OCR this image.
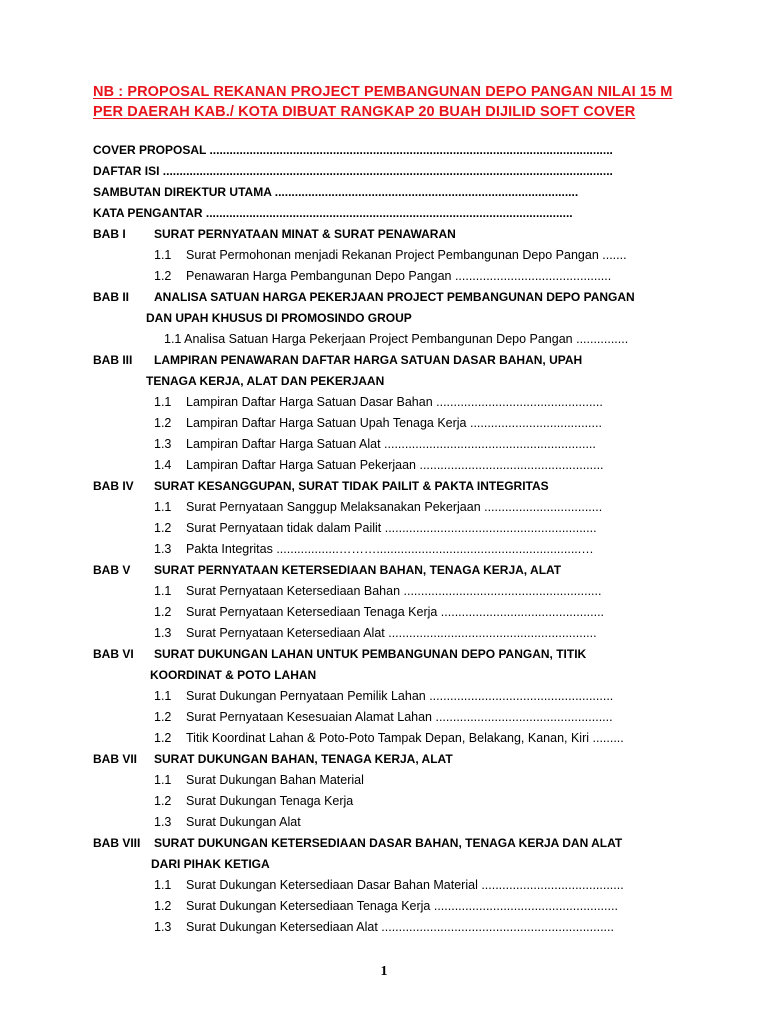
NB : PROPOSAL REKANAN PROJECT PEMBANGUNAN DEPO PANGAN NILAI 15 M
PER DAERAH KAB./ KOTA DIBUAT RANGKAP 20 BUAH DIJILID SOFT COVER
COVER PROPOSAL .........................................................................................................................
DAFTAR ISI .......................................................................................................................................
SAMBUTAN DIREKTUR UTAMA ...........................................................................................
KATA PENGANTAR ..............................................................................................................
BAB I SURAT PERNYATAAN MINAT & SURAT PENAWARAN
1.1 Surat Permohonan menjadi Rekanan Project Pembangunan Depo Pangan .......
1.2 Penawaran Harga Pembangunan Depo Pangan .............................................
BAB II ANALISA SATUAN HARGA PEKERJAAN PROJECT PEMBANGUNAN DEPO PANGAN
DAN UPAH KHUSUS DI PROMOSINDO GROUP
1.1 Analisa Satuan Harga Pekerjaan Project Pembangunan Depo Pangan ...............
BAB III LAMPIRAN PENAWARAN DAFTAR HARGA SATUAN DASAR BAHAN, UPAH
TENAGA KERJA, ALAT DAN PEKERJAAN
1.1 Lampiran Daftar Harga Satuan Dasar Bahan ................................................
1.2 Lampiran Daftar Harga Satuan Upah Tenaga Kerja ......................................
1.3 Lampiran Daftar Harga Satuan Alat .............................................................
1.4 Lampiran Daftar Harga Satuan Pekerjaan .....................................................
BAB IV SURAT KESANGGUPAN, SURAT TIDAK PAILIT & PAKTA INTEGRITAS
1.1 Surat Pernyataan Sanggup Melaksanakan Pekerjaan ..................................
1.2 Surat Pernyataan tidak dalam Pailit .............................................................
1.3 Pakta Integritas ..................………...........................................................…
BAB V SURAT PERNYATAAN KETERSEDIAAN BAHAN, TENAGA KERJA, ALAT
1.1 Surat Pernyataan Ketersediaan Bahan .........................................................
1.2 Surat Pernyataan Ketersediaan Tenaga Kerja ...............................................
1.3 Surat Pernyataan Ketersediaan Alat ............................................................
BAB VI SURAT DUKUNGAN LAHAN UNTUK PEMBANGUNAN DEPO PANGAN, TITIK
KOORDINAT & POTO LAHAN
1.1 Surat Dukungan Pernyataan Pemilik Lahan .....................................................
1.2 Surat Pernyataan Kesesuaian Alamat Lahan ...................................................
1.2 Titik Koordinat Lahan & Poto-Poto Tampak Depan, Belakang, Kanan, Kiri .........
BAB VII SURAT DUKUNGAN BAHAN, TENAGA KERJA, ALAT
1.1 Surat Dukungan Bahan Material
1.2 Surat Dukungan Tenaga Kerja
1.3 Surat Dukungan Alat
BAB VIII SURAT DUKUNGAN KETERSEDIAAN DASAR BAHAN, TENAGA KERJA DAN ALAT
DARI PIHAK KETIGA
1.1 Surat Dukungan Ketersediaan Dasar Bahan Material .........................................
1.2 Surat Dukungan Ketersediaan Tenaga Kerja .....................................................
1.3 Surat Dukungan Ketersediaan Alat ...................................................................
1
